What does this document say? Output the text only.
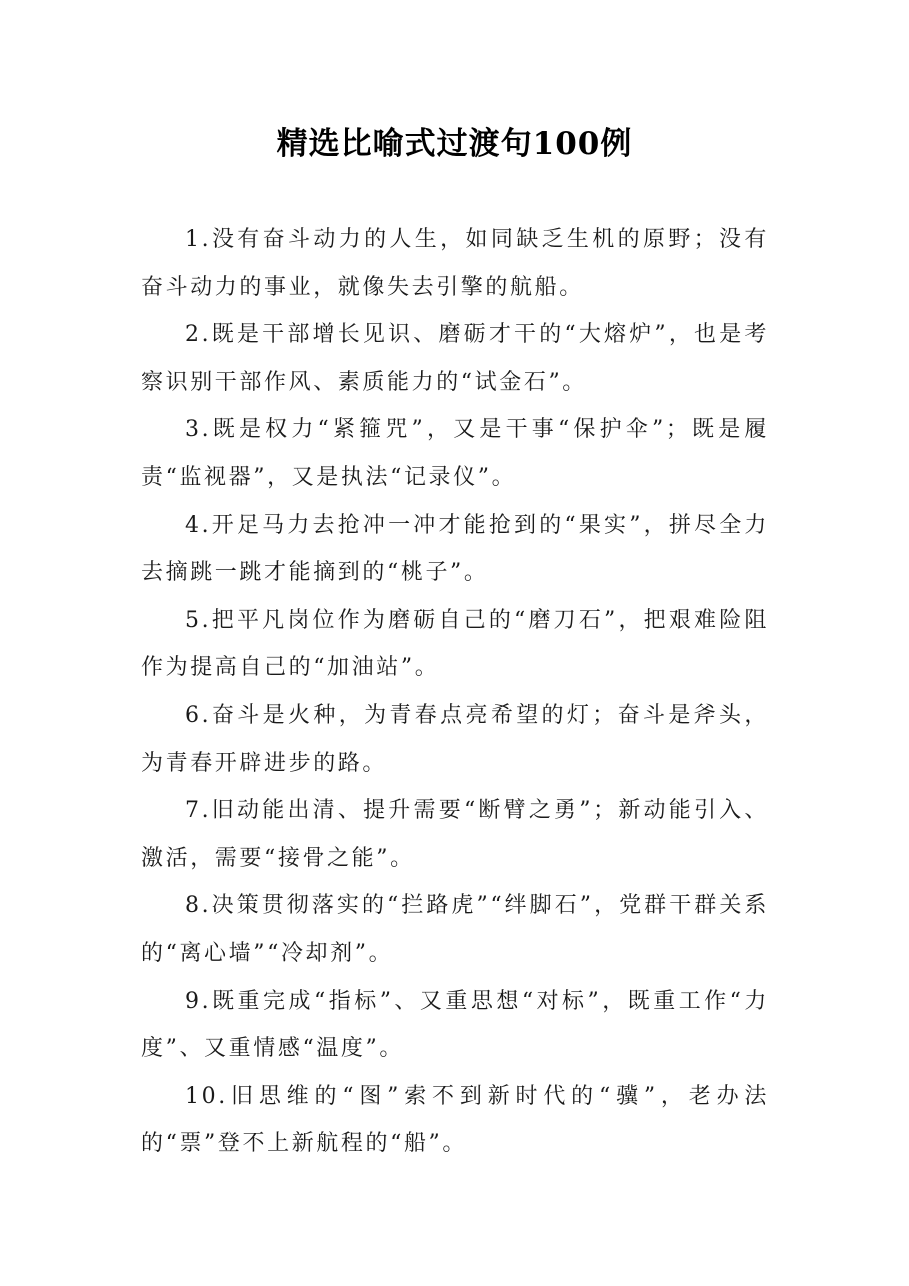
精选比喻式过渡句100例

1.没有奋斗动力的人生，如同缺乏生机的原野；没有奋斗动力的事业，就像失去引擎的航船。

2.既是干部增长见识、磨砺才干的“大熔炉”，也是考察识别干部作风、素质能力的“试金石”。

3.既是权力“紧箍咒”，又是干事“保护伞”；既是履责“监视器”，又是执法“记录仪”。

4.开足马力去抢冲一冲才能抢到的“果实”，拼尽全力去摘跳一跳才能摘到的“桃子”。

5.把平凡岗位作为磨砺自己的“磨刀石”，把艰难险阻作为提高自己的“加油站”。

6.奋斗是火种，为青春点亮希望的灯；奋斗是斧头，为青春开辟进步的路。

7.旧动能出清、提升需要“断臂之勇”；新动能引入、激活，需要“接骨之能”。

8.决策贯彻落实的“拦路虎”“绊脚石”，党群干群关系的“离心墙”“冷却剂”。

9.既重完成“指标”、又重思想“对标”，既重工作“力度”、又重情感“温度”。

10.旧思维的“图”索不到新时代的“骥”，老办法的“票”登不上新航程的“船”。
